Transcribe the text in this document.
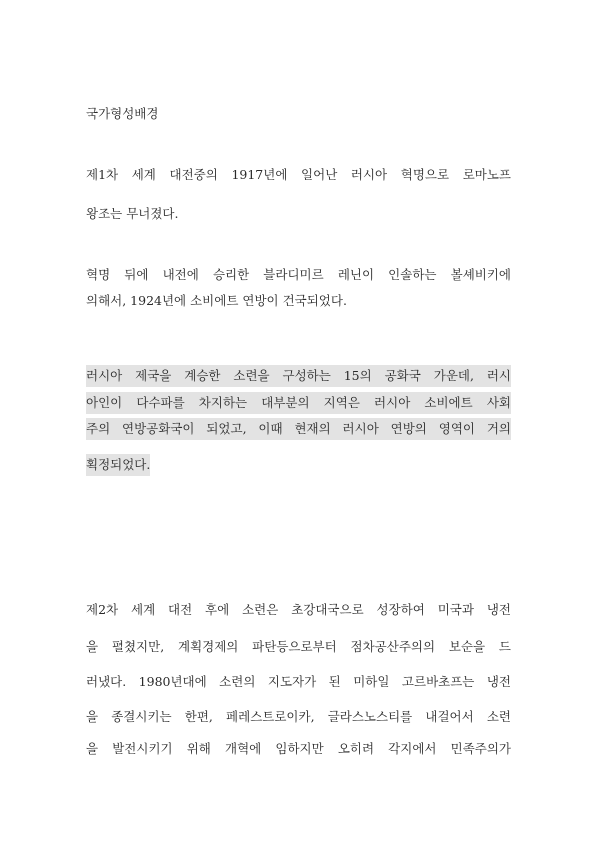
국가형성배경

제1차 세계 대전중의 1917년에 일어난 러시아 혁명으로 로마노프

왕조는 무너졌다.

혁명 뒤에 내전에 승리한 블라디미르 레닌이 인솔하는 볼셰비키에

의해서, 1924년에 소비에트 연방이 건국되었다.

러시아 제국을 계승한 소련을 구성하는 15의 공화국 가운데, 러시

아인이 다수파를 차지하는 대부분의 지역은 러시아 소비에트 사회

주의 연방공화국이 되었고, 이때 현재의 러시아 연방의 영역이 거의

획정되었다.

제2차 세계 대전 후에 소련은 초강대국으로 성장하여 미국과 냉전

을 펼쳤지만, 계획경제의 파탄등으로부터 점차공산주의의 보순을 드

러냈다. 1980년대에 소련의 지도자가 된 미하일 고르바초프는 냉전

을 종결시키는 한편, 페레스트로이카, 글라스노스티를 내걸어서 소련

을 발전시키기 위해 개혁에 임하지만 오히려 각지에서 민족주의가
